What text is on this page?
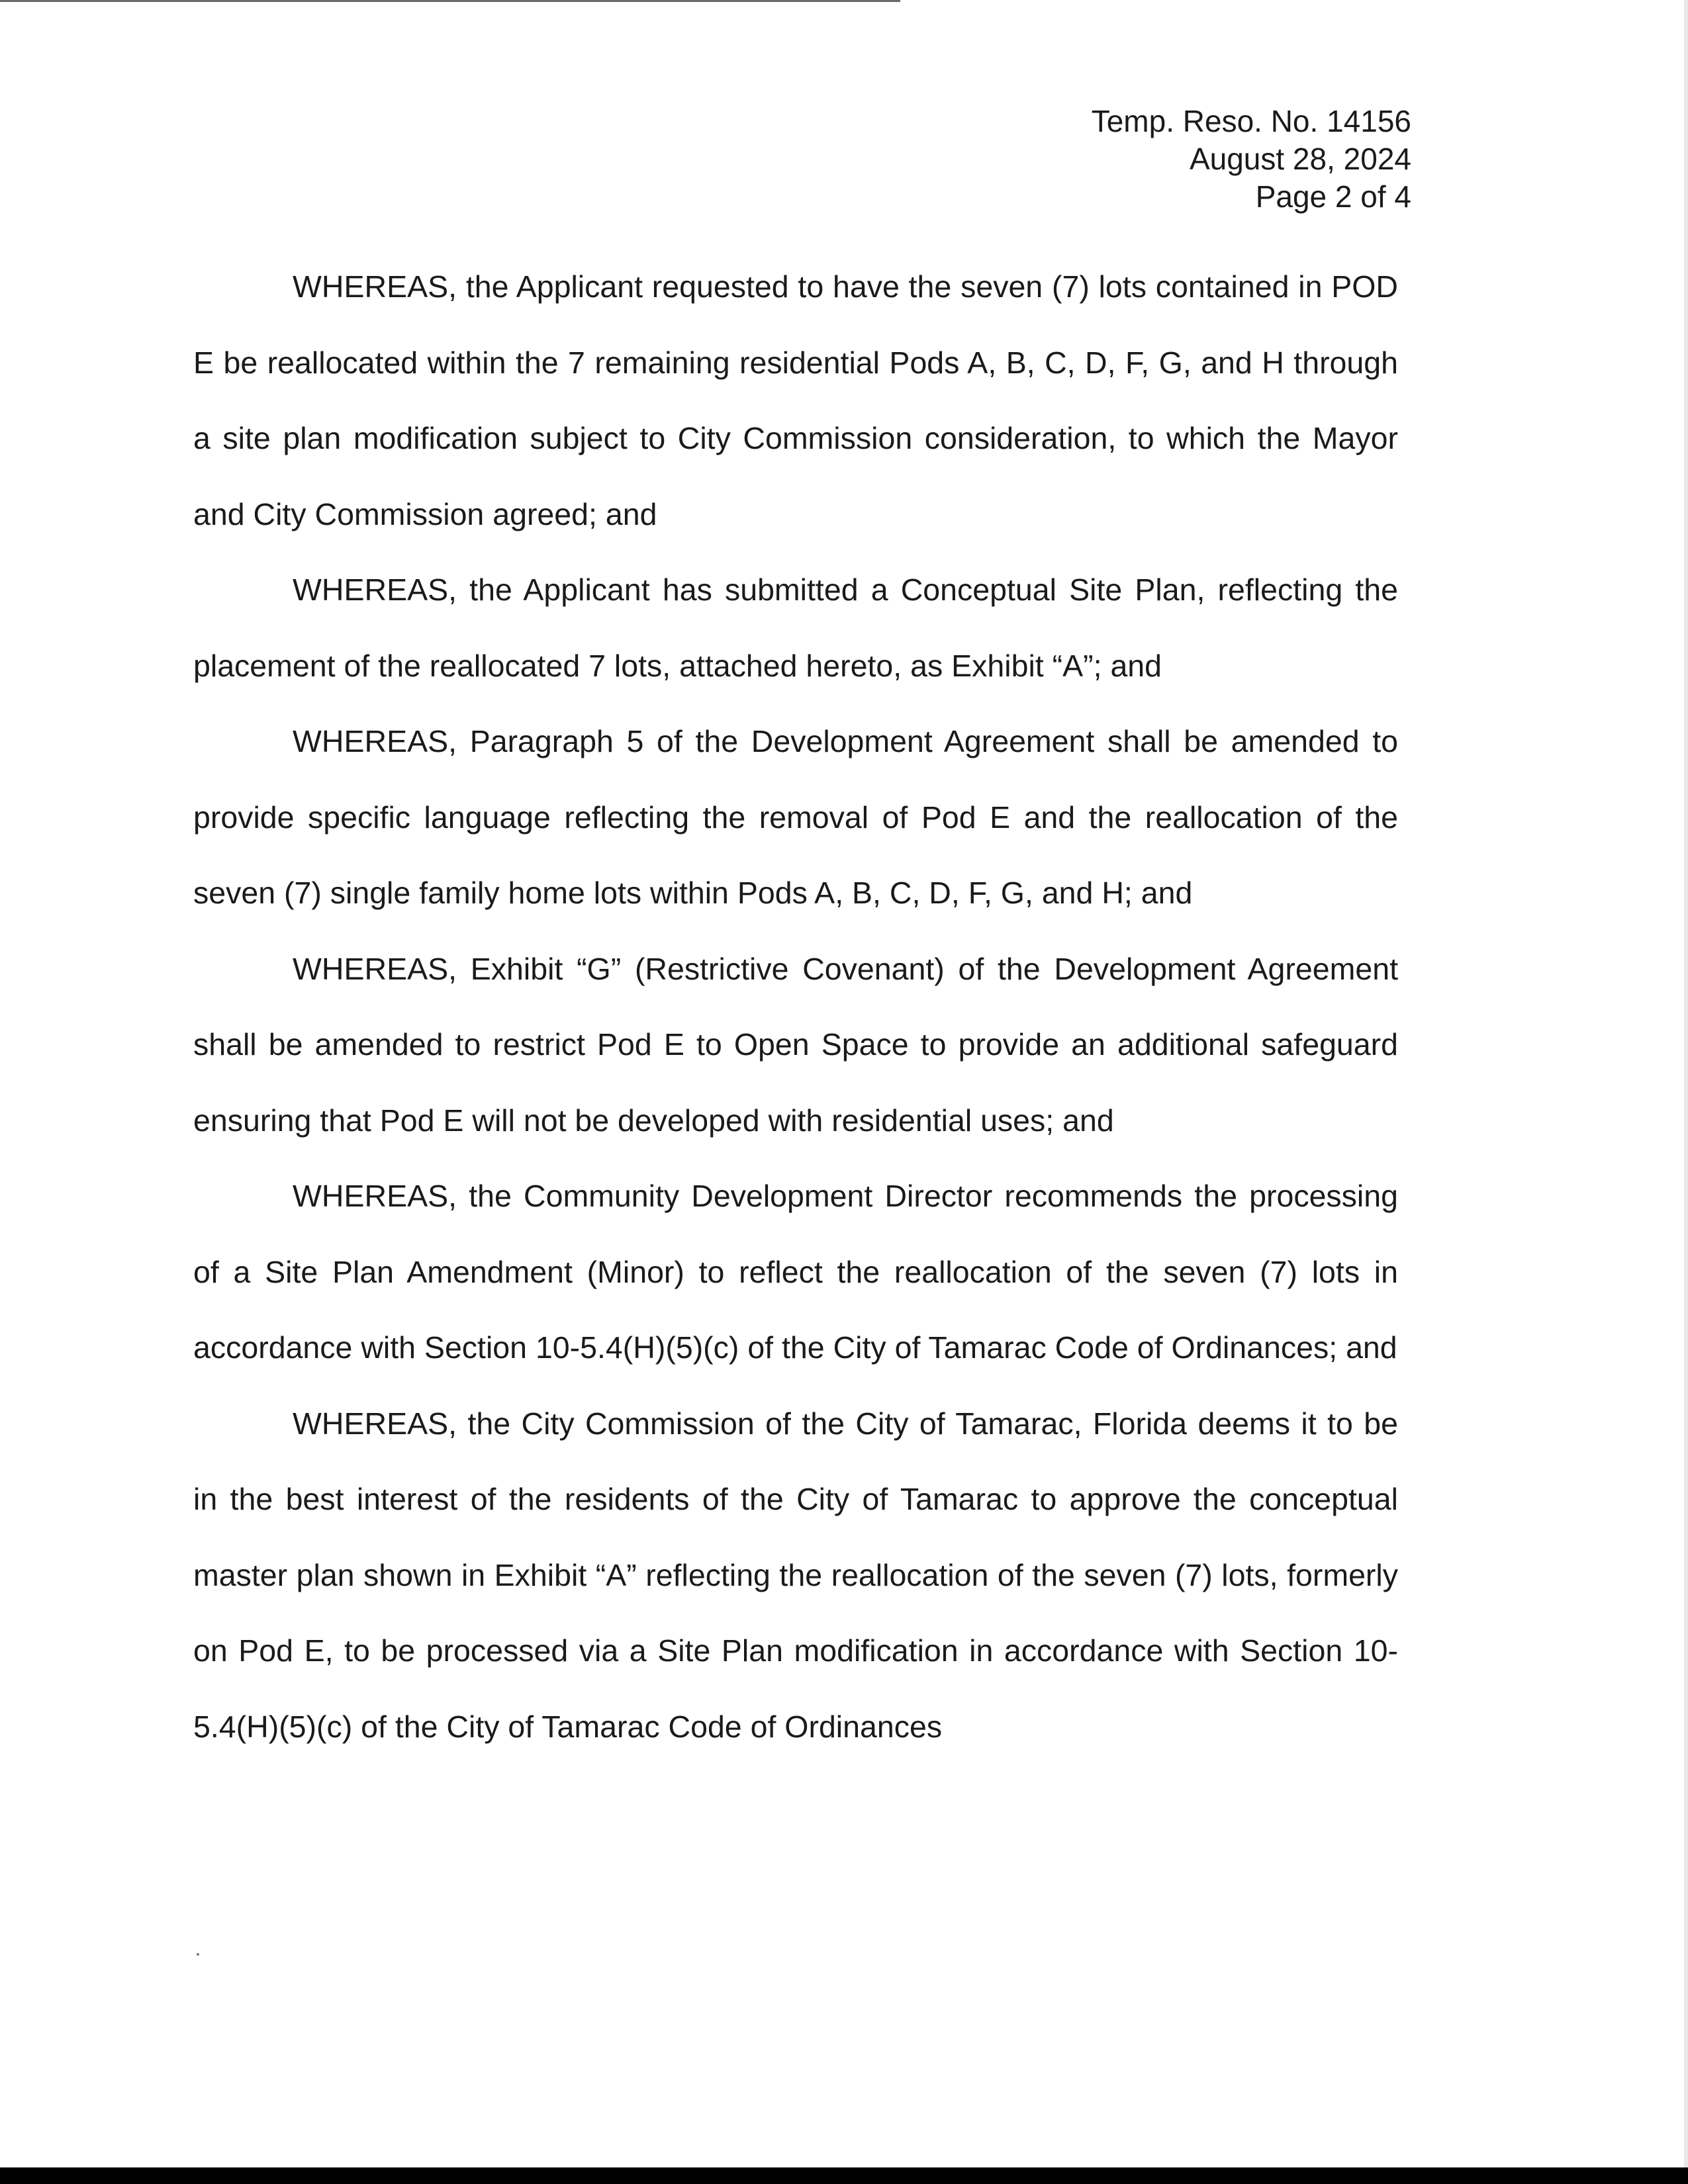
Temp. Reso. No. 14156
August 28, 2024
Page 2 of 4

WHEREAS, the Applicant requested to have the seven (7) lots contained in POD E be reallocated within the 7 remaining residential Pods A, B, C, D, F, G, and H through a site plan modification subject to City Commission consideration, to which the Mayor and City Commission agreed; and

WHEREAS, the Applicant has submitted a Conceptual Site Plan, reflecting the placement of the reallocated 7 lots, attached hereto, as Exhibit “A”; and

WHEREAS, Paragraph 5 of the Development Agreement shall be amended to provide specific language reflecting the removal of Pod E and the reallocation of the seven (7) single family home lots within Pods A, B, C, D, F, G, and H; and

WHEREAS, Exhibit “G” (Restrictive Covenant) of the Development Agreement shall be amended to restrict Pod E to Open Space to provide an additional safeguard ensuring that Pod E will not be developed with residential uses; and

WHEREAS, the Community Development Director recommends the processing of a Site Plan Amendment (Minor) to reflect the reallocation of the seven (7) lots in accordance with Section 10-5.4(H)(5)(c) of the City of Tamarac Code of Ordinances; and

WHEREAS, the City Commission of the City of Tamarac, Florida deems it to be in the best interest of the residents of the City of Tamarac to approve the conceptual master plan shown in Exhibit “A” reflecting the reallocation of the seven (7) lots, formerly on Pod E, to be processed via a Site Plan modification in accordance with Section 10-5.4(H)(5)(c) of the City of Tamarac Code of Ordinances
